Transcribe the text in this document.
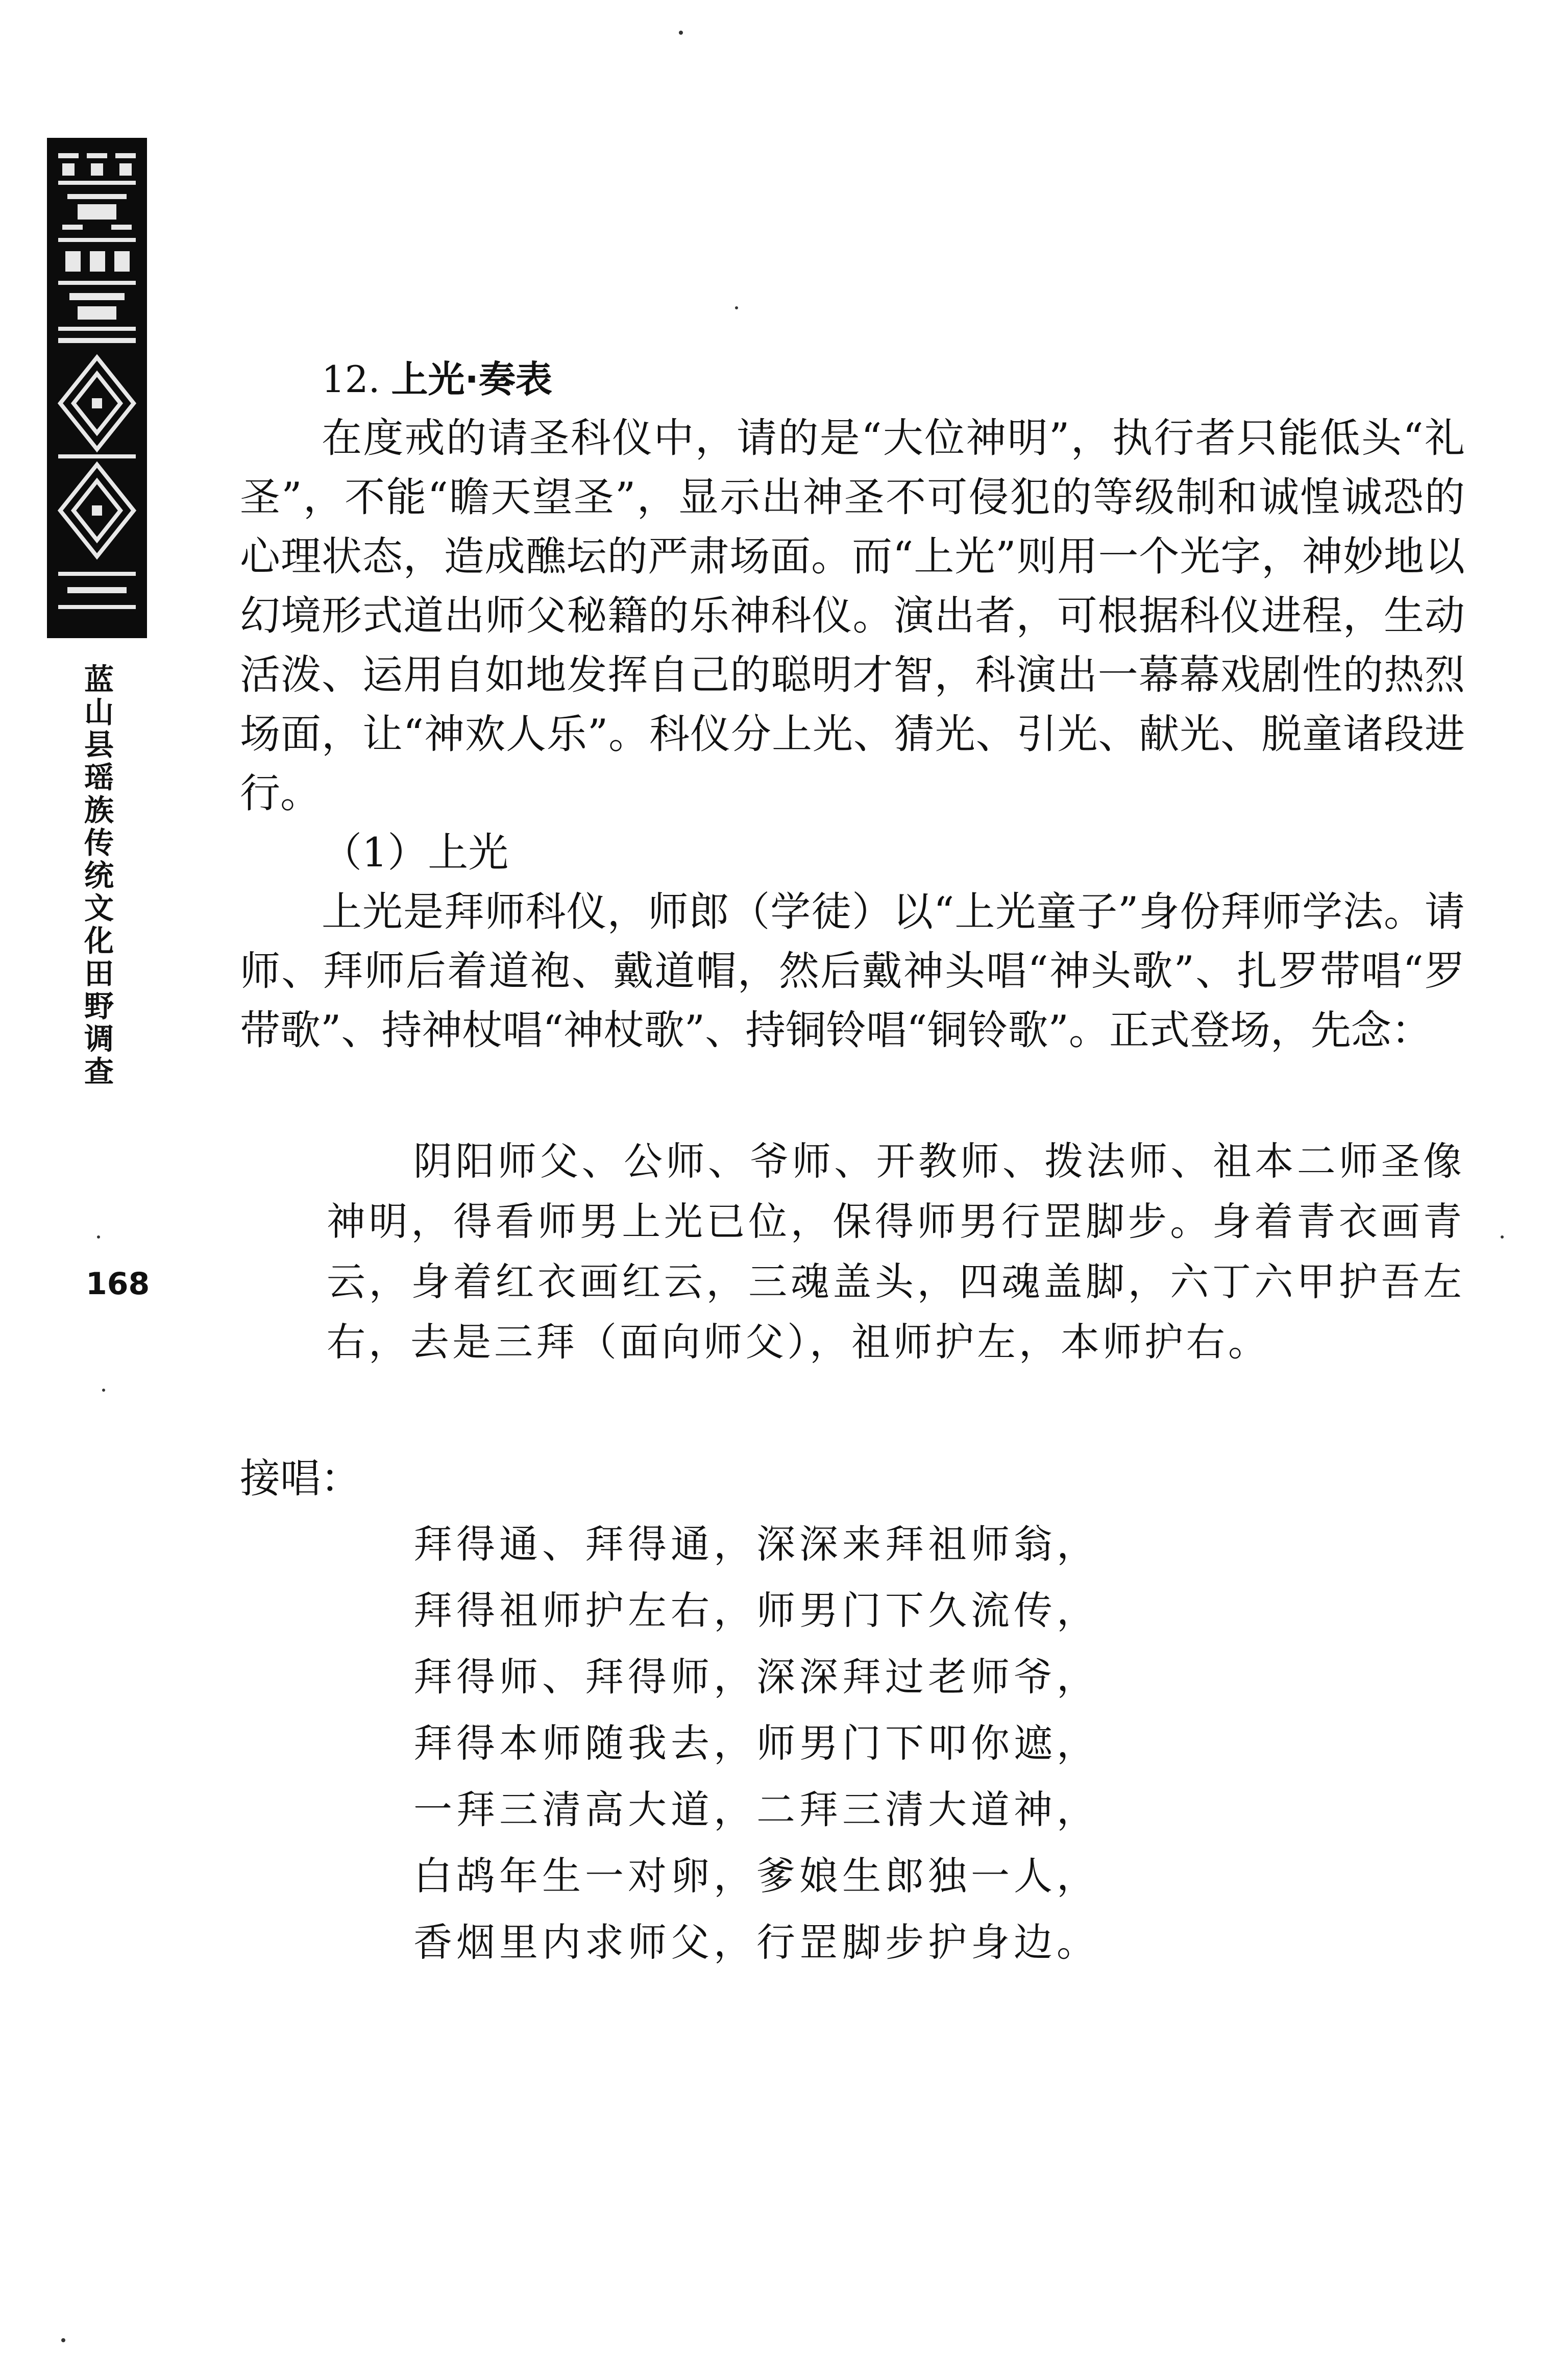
蓝山县瑶族传统文化田野调查
168
12. 上光·奏表

在度戒的请圣科仪中，请的是“大位神明”，执行者只能低头“礼圣”，不能“瞻天望圣”，显示出神圣不可侵犯的等级制和诚惶诚恐的心理状态，造成醮坛的严肃场面。而“上光”则用一个光字，神妙地以幻境形式道出师父秘籍的乐神科仪。演出者，可根据科仪进程，生动活泼、运用自如地发挥自己的聪明才智，科演出一幕幕戏剧性的热烈场面，让“神欢人乐”。科仪分上光、猜光、引光、献光、脱童诸段进行。

（1）上光

上光是拜师科仪，师郎（学徒）以“上光童子”身份拜师学法。请师、拜师后着道袍、戴道帽，然后戴神头唱“神头歌”、扎罗带唱“罗带歌”、持神杖唱“神杖歌”、持铜铃唱“铜铃歌”。正式登场，先念：

阴阳师父、公师、爷师、开教师、拨法师、祖本二师圣像神明，得看师男上光已位，保得师男行罡脚步。身着青衣画青云，身着红衣画红云，三魂盖头，四魂盖脚，六丁六甲护吾左右，去是三拜（面向师父），祖师护左，本师护右。

接唱：

拜得通、拜得通，深深来拜祖师翁，
拜得祖师护左右，师男门下久流传，
拜得师、拜得师，深深拜过老师爷，
拜得本师随我去，师男门下叩你遮，
一拜三清高大道，二拜三清大道神，
白鸪年生一对卵，爹娘生郎独一人，
香烟里内求师父，行罡脚步护身边。
